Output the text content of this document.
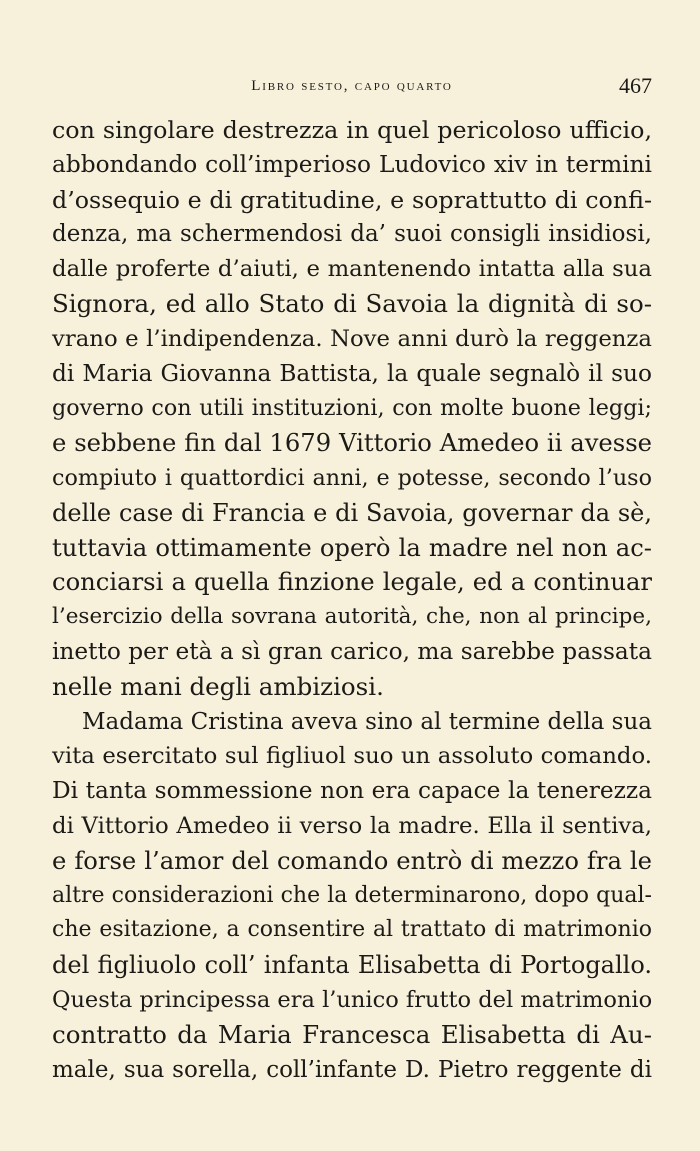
Libro sesto, capo quarto	467
con singolare destrezza in quel pericoloso ufficio,
abbondando coll’imperioso Ludovico xiv in termini
d’ossequio e di gratitudine, e soprattutto di confi-
denza, ma schermendosi da’ suoi consigli insidiosi,
dalle proferte d’aiuti, e mantenendo intatta alla sua
Signora, ed allo Stato di Savoia la dignità di so-
vrano e l’indipendenza. Nove anni durò la reggenza
di Maria Giovanna Battista, la quale segnalò il suo
governo con utili instituzioni, con molte buone leggi;
e sebbene fin dal 1679 Vittorio Amedeo ii avesse
compiuto i quattordici anni, e potesse, secondo l’uso
delle case di Francia e di Savoia, governar da sè,
tuttavia ottimamente operò la madre nel non ac-
conciarsi a quella finzione legale, ed a continuar
l’esercizio della sovrana autorità, che, non al principe,
inetto per età a sì gran carico, ma sarebbe passata
nelle mani degli ambiziosi.
Madama Cristina aveva sino al termine della sua
vita esercitato sul figliuol suo un assoluto comando.
Di tanta sommessione non era capace la tenerezza
di Vittorio Amedeo ii verso la madre. Ella il sentiva,
e forse l’amor del comando entrò di mezzo fra le
altre considerazioni che la determinarono, dopo qual-
che esitazione, a consentire al trattato di matrimonio
del figliuolo coll’ infanta Elisabetta di Portogallo.
Questa principessa era l’unico frutto del matrimonio
contratto da Maria Francesca Elisabetta di Au-
male, sua sorella, coll’infante D. Pietro reggente di
